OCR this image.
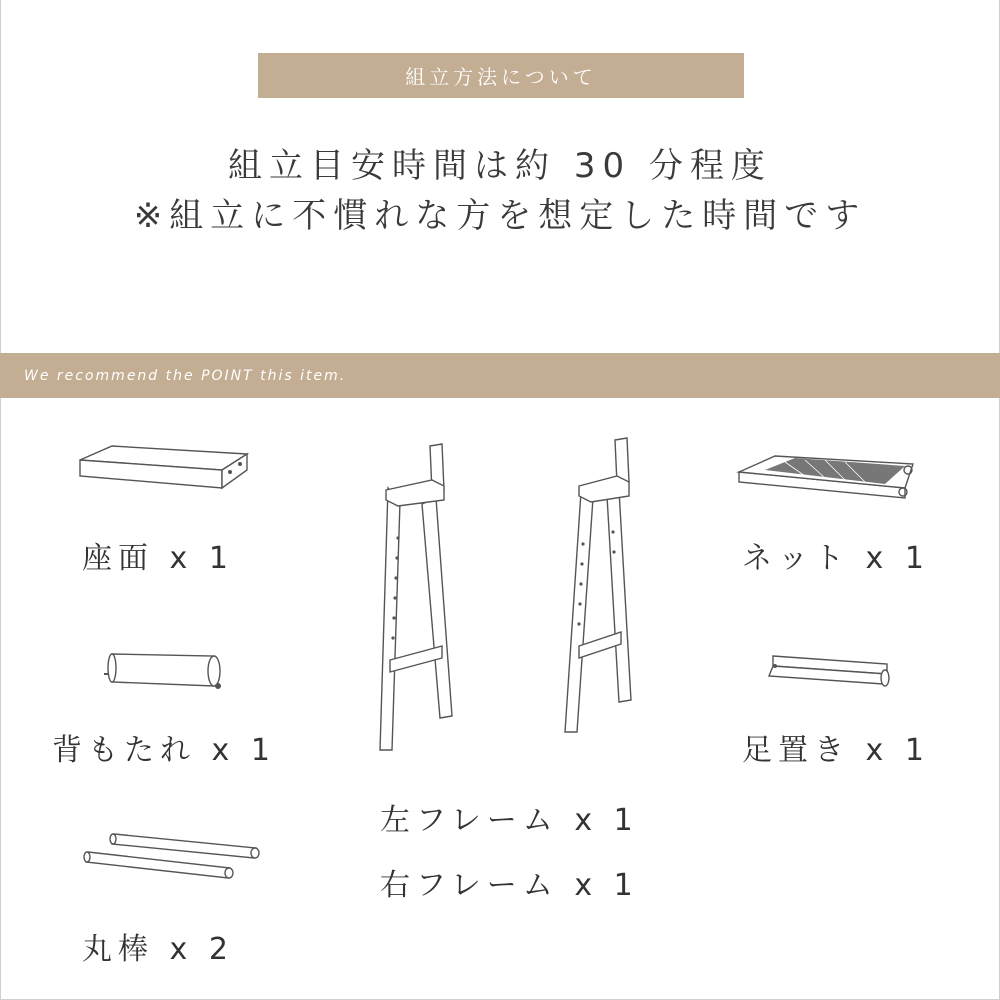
組立方法について
組立目安時間は約 30 分程度
※組立に不慣れな方を想定した時間です
We recommend the POINT this item.
座面 x 1
背もたれ x 1
丸棒 x 2
左フレーム x 1
右フレーム x 1
ネット x 1
足置き x 1
